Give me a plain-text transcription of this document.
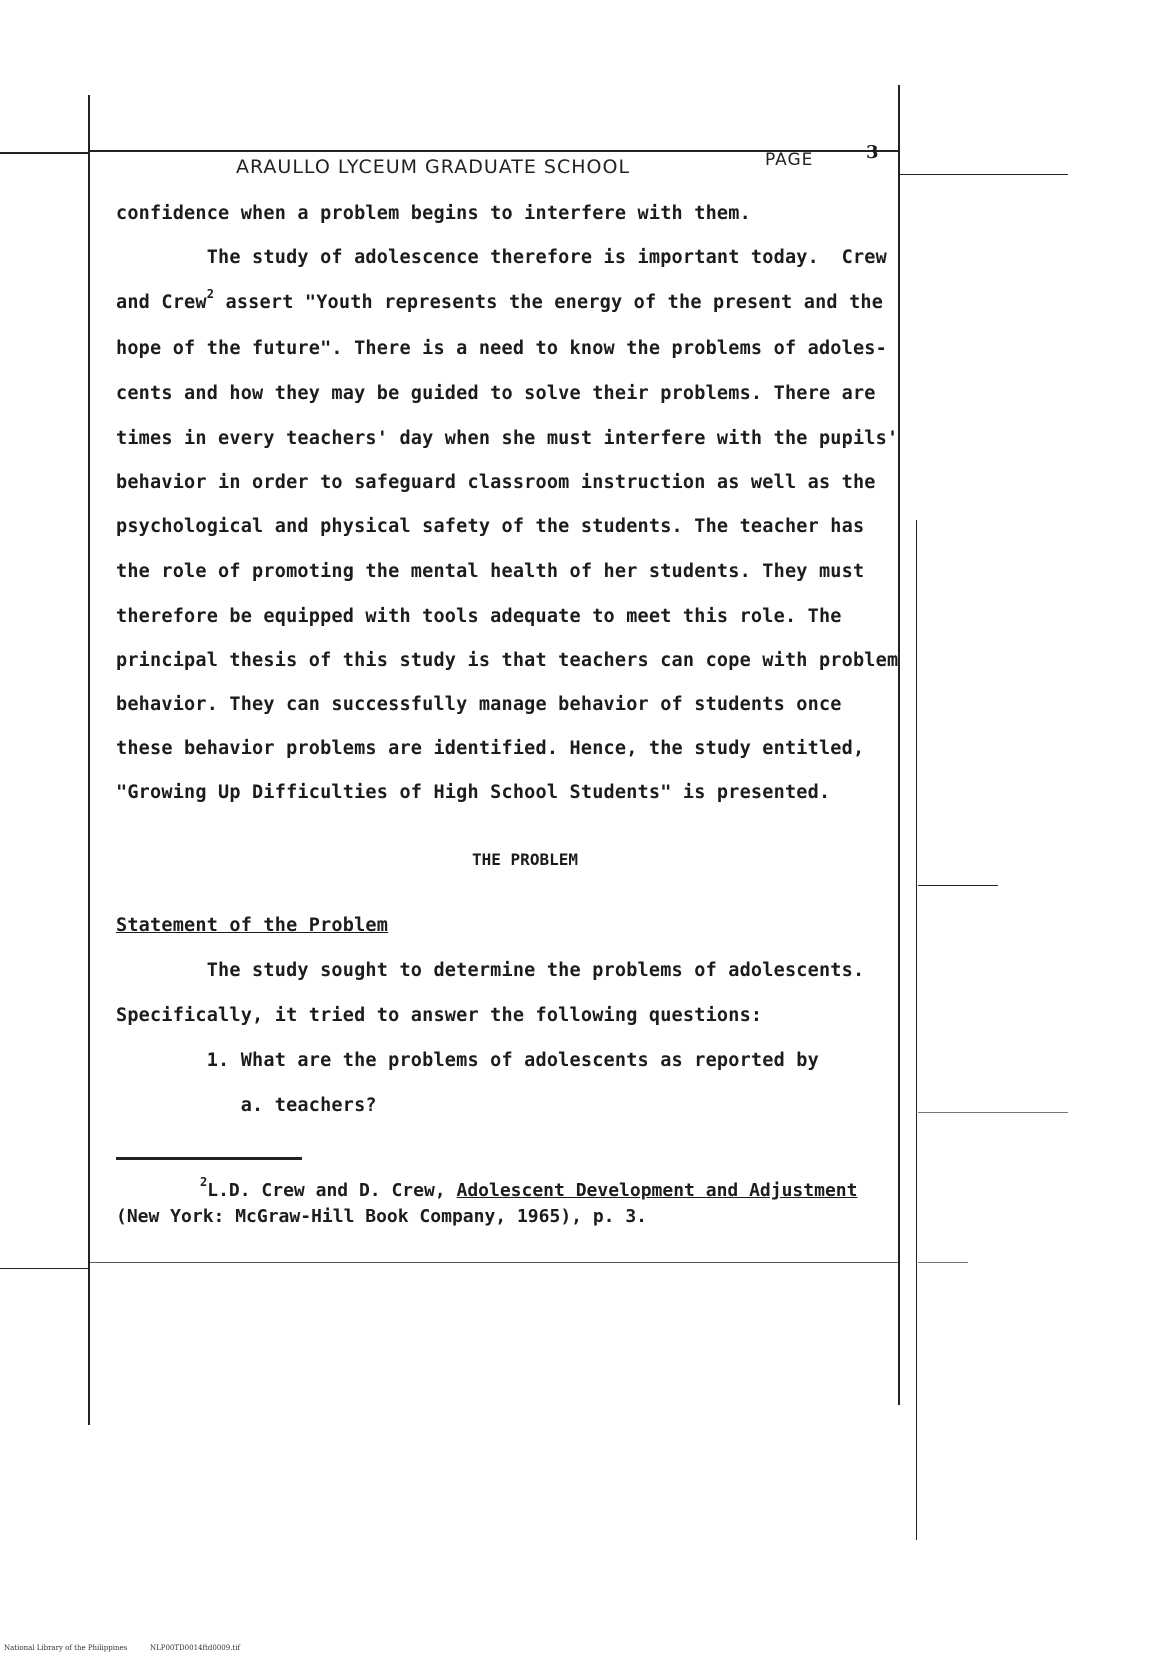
ARAULLO LYCEUM GRADUATE SCHOOL	PAGE	3
confidence when a problem begins to interfere with them.
The study of adolescence therefore is important today.  Crew
and Crew$^2$ assert "Youth represents the energy of the present and the
hope of the future". There is a need to know the problems of adoles-
cents and how they may be guided to solve their problems. There are
times in every teachers' day when she must interfere with the pupils'
behavior in order to safeguard classroom instruction as well as the
psychological and physical safety of the students. The teacher has
the role of promoting the mental health of her students. They must
therefore be equipped with tools adequate to meet this role. The
principal thesis of this study is that teachers can cope with problem
behavior. They can successfully manage behavior of students once
these behavior problems are identified. Hence, the study entitled,
"Growing Up Difficulties of High School Students" is presented.
THE PROBLEM
Statement of the Problem
The study sought to determine the problems of adolescents.
Specifically, it tried to answer the following questions:
1. What are the problems of adolescents as reported by
a. teachers?
$^2$L.D. Crew and D. Crew, Adolescent Development and Adjustment
(New York: McGraw-Hill Book Company, 1965), p. 3.
National Library of the Philippines	NLP00TD0014ftd0009.tif
